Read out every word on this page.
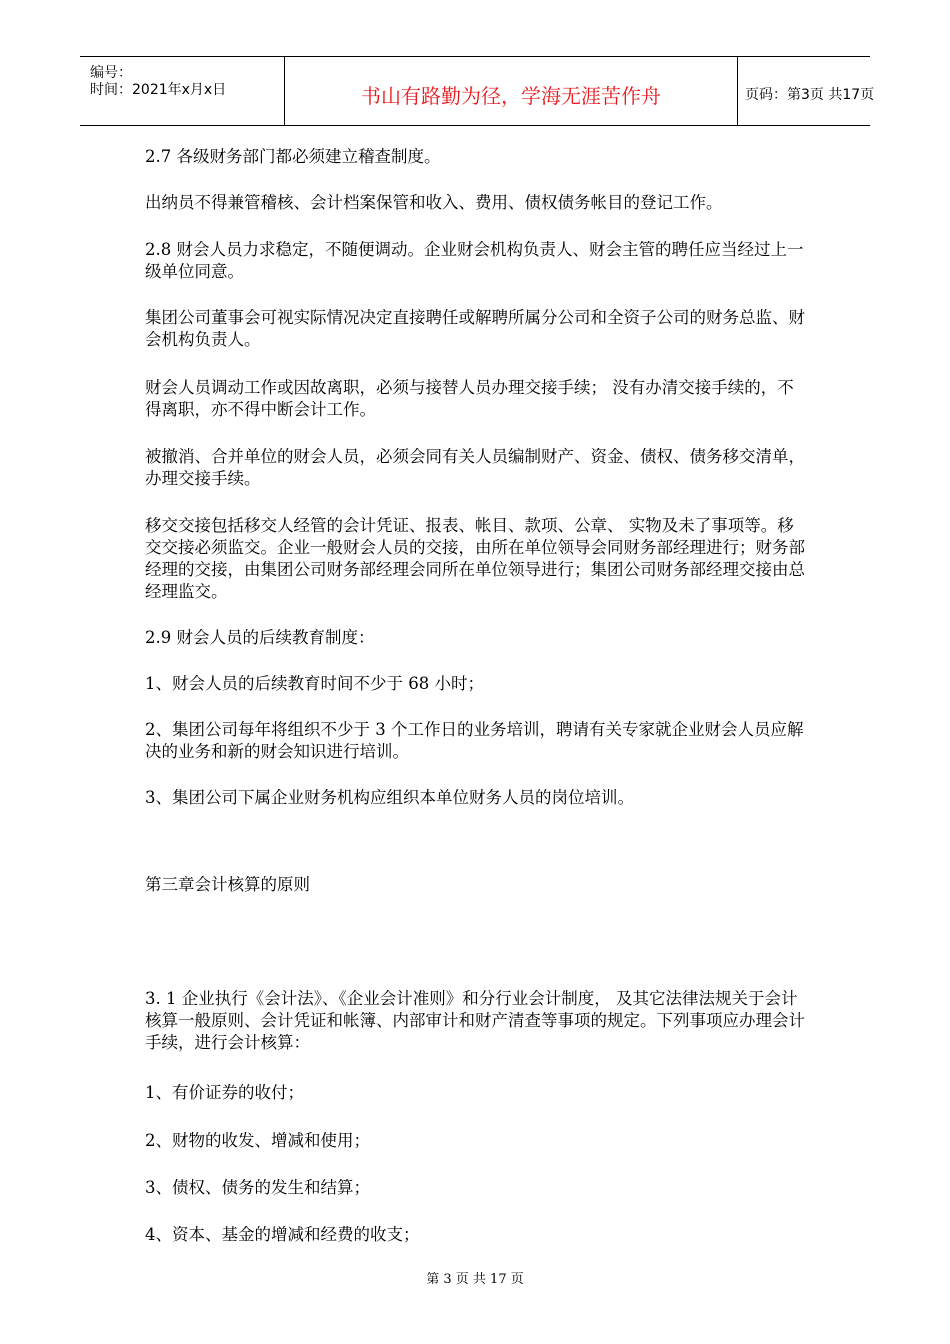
编号：
时间：2021年x月x日	书山有路勤为径，学海无涯苦作舟	页码：第3页 共17页

2.7 各级财务部门都必须建立稽查制度。

出纳员不得兼管稽核、会计档案保管和收入、费用、债权债务帐目的登记工作。

2.8 财会人员力求稳定，不随便调动。企业财会机构负责人、财会主管的聘任应当经过上一级单位同意。

集团公司董事会可视实际情况决定直接聘任或解聘所属分公司和全资子公司的财务总监、财会机构负责人。

财会人员调动工作或因故离职，必须与接替人员办理交接手续； 没有办清交接手续的，不得离职，亦不得中断会计工作。

被撤消、合并单位的财会人员，必须会同有关人员编制财产、资金、债权、债务移交清单，办理交接手续。

移交交接包括移交人经管的会计凭证、报表、帐目、款项、公章、 实物及未了事项等。移交交接必须监交。企业一般财会人员的交接，由所在单位领导会同财务部经理进行；财务部经理的交接，由集团公司财务部经理会同所在单位领导进行；集团公司财务部经理交接由总经理监交。

2.9 财会人员的后续教育制度：

1、财会人员的后续教育时间不少于 68 小时；

2、集团公司每年将组织不少于 3 个工作日的业务培训，聘请有关专家就企业财会人员应解决的业务和新的财会知识进行培训。

3、集团公司下属企业财务机构应组织本单位财务人员的岗位培训。

第三章会计核算的原则

3. 1 企业执行《会计法》、《企业会计准则》和分行业会计制度， 及其它法律法规关于会计核算一般原则、会计凭证和帐簿、内部审计和财产清查等事项的规定。下列事项应办理会计手续，进行会计核算：

1、有价证券的收付；

2、财物的收发、增减和使用；

3、债权、债务的发生和结算；

4、资本、基金的增减和经费的收支；

第 3 页 共 17 页
